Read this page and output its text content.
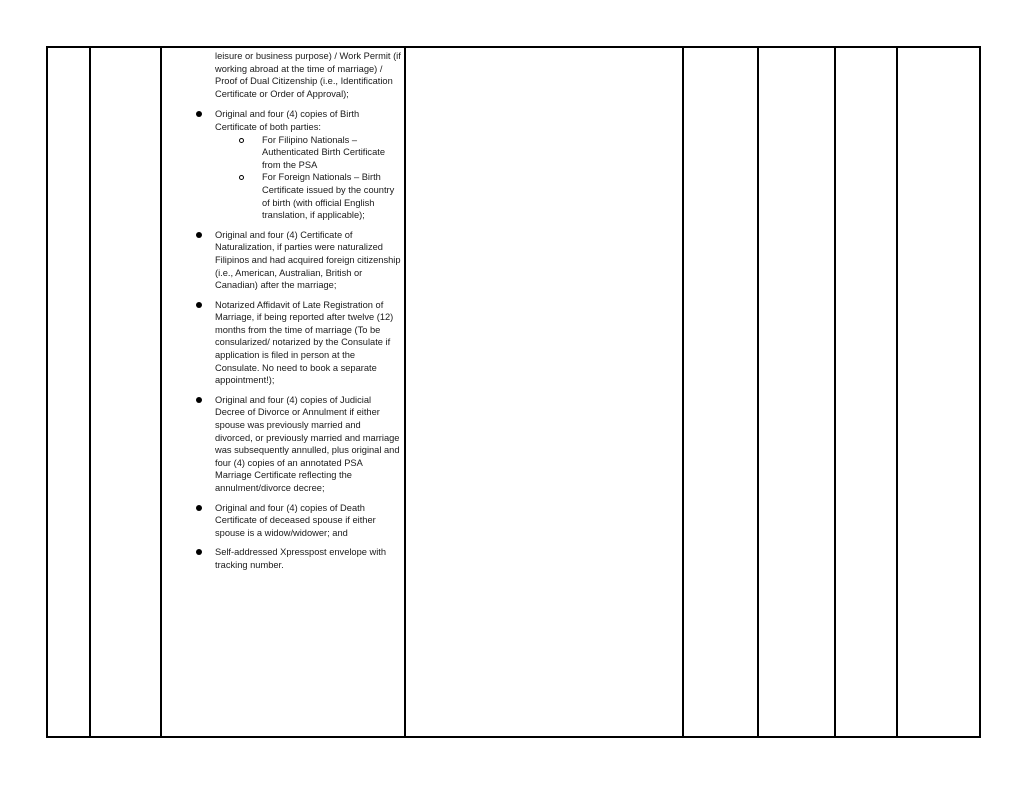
leisure or business purpose) / Work Permit (if working abroad at the time of marriage) / Proof of Dual Citizenship (i.e., Identification Certificate or Order of Approval);

Original and four (4) copies of Birth Certificate of both parties:
For Filipino Nationals – Authenticated Birth Certificate from the PSA
For Foreign Nationals – Birth Certificate issued by the country of birth (with official English translation, if applicable);
Original and four (4) Certificate of Naturalization, if parties were naturalized Filipinos and had acquired foreign citizenship (i.e., American, Australian, British or Canadian) after the marriage;
Notarized Affidavit of Late Registration of Marriage, if being reported after twelve (12) months from the time of marriage (To be consularized/ notarized by the Consulate if application is filed in person at the Consulate. No need to book a separate appointment!);
Original and four (4) copies of Judicial Decree of Divorce or Annulment if either spouse was previously married and divorced, or previously married and marriage was subsequently annulled, plus original and four (4) copies of an annotated PSA Marriage Certificate reflecting the annulment/divorce decree;
Original and four (4) copies of Death Certificate of deceased spouse if either spouse is a widow/widower; and
Self-addressed Xpresspost envelope with tracking number.
